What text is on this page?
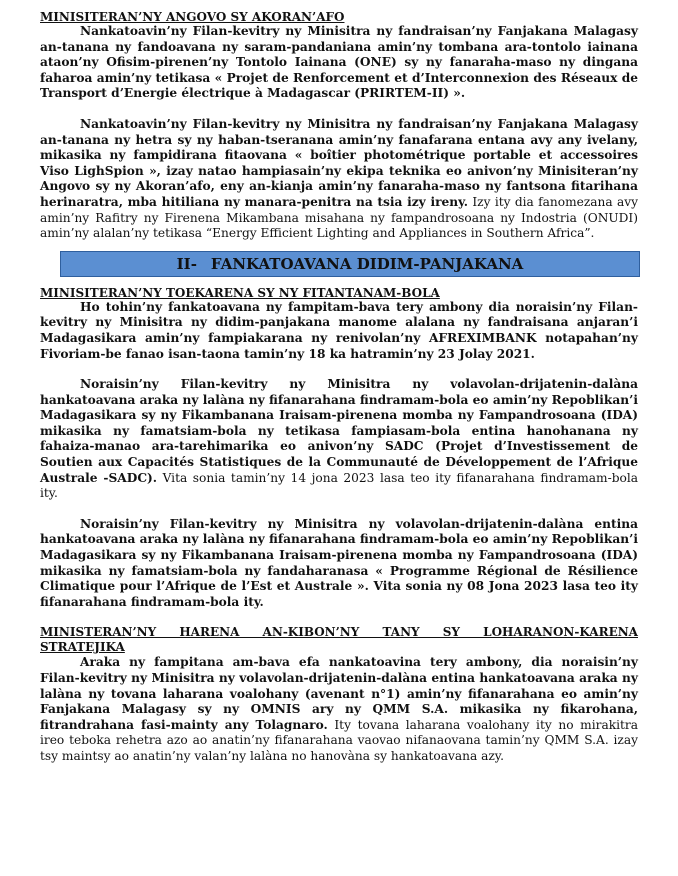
MINISITERAN’NY ANGOVO SY AKORAN’AFO

Nankatoavin’ny Filan-kevitry ny Minisitra ny fandraisan’ny Fanjakana Malagasy an-tanana ny fandoavana ny saram-pandaniana amin’ny tombana ara-tontolo iainana ataon’ny Ofisim-pirenen’ny Tontolo Iainana (ONE) sy ny fanaraha-maso ny dingana faharoa amin’ny tetikasa « Projet de Renforcement et d’Interconnexion des Réseaux de Transport d’Energie électrique à Madagascar (PRIRTEM-II) ».

Nankatoavin’ny Filan-kevitry ny Minisitra ny fandraisan’ny Fanjakana Malagasy an-tanana ny hetra sy ny haban-tseranana amin’ny fanafarana entana avy any ivelany, mikasika ny fampidirana fitaovana « boîtier photométrique portable et accessoires Viso LighSpion », izay natao hampiasain’ny ekipa teknika eo anivon’ny Minisiteran’ny Angovo sy ny Akoran’afo, eny an-kianja amin’ny fanaraha-maso ny fantsona fitarihana herinaratra, mba hitiliana ny manara-penitra na tsia izy ireny. Izy ity dia fanomezana avy amin’ny Rafitry ny Firenena Mikambana misahana ny fampandrosoana ny Indostria (ONUDI) amin’ny alalan’ny tetikasa “Energy Efficient Lighting and Appliances in Southern Africa”.

II- FANKATOAVANA DIDIM-PANJAKANA

MINISITERAN’NY TOEKARENA SY NY FITANTANAM-BOLA

Ho tohin’ny fankatoavana ny fampitam-bava tery ambony dia noraisin’ny Filan-kevitry ny Minisitra ny didim-panjakana manome alalana ny fandraisana anjaran’i Madagasikara amin’ny fampiakarana ny renivolan’ny AFREXIMBANK notapahan’ny Fivoriam-be fanao isan-taona tamin’ny 18 ka hatramin’ny 23 Jolay 2021.

Noraisin’ny Filan-kevitry ny Minisitra ny volavolan-drijatenin-dalàna hankatoavana araka ny lalàna ny fifanarahana findramam-bola eo amin’ny Repoblikan’i Madagasikara sy ny Fikambanana Iraisam-pirenena momba ny Fampandrosoana (IDA) mikasika ny famatsiam-bola ny tetikasa fampiasam-bola entina hanohanana ny fahaiza-manao ara-tarehimarika eo anivon’ny SADC (Projet d’Investissement de Soutien aux Capacités Statistiques de la Communauté de Développement de l’Afrique Australe -SADC). Vita sonia tamin’ny 14 jona 2023 lasa teo ity fifanarahana findramam-bola ity.

Noraisin’ny Filan-kevitry ny Minisitra ny volavolan-drijatenin-dalàna entina hankatoavana araka ny lalàna ny fifanarahana findramam-bola eo amin’ny Repoblikan’i Madagasikara sy ny Fikambanana Iraisam-pirenena momba ny Fampandrosoana (IDA) mikasika ny famatsiam-bola ny fandaharanasa « Programme Régional de Résilience Climatique pour l’Afrique de l’Est et Australe ». Vita sonia ny 08 Jona 2023 lasa teo ity fifanarahana findramam-bola ity.

MINISTERAN’NY HARENA AN-KIBON’NY TANY SY LOHARANON-KARENA

STRATEJIKA

Araka ny fampitana am-bava efa nankatoavina tery ambony, dia noraisin’ny Filan-kevitry ny Minisitra ny volavolan-drijatenin-dalàna entina hankatoavana araka ny lalàna ny tovana laharana voalohany (avenant n°1) amin’ny fifanarahana eo amin’ny Fanjakana Malagasy sy ny OMNIS ary ny QMM S.A. mikasika ny fikarohana, fitrandrahana fasi-mainty any Tolagnaro. Ity tovana laharana voalohany ity no mirakitra ireo teboka rehetra azo ao anatin’ny fifanarahana vaovao nifanaovana tamin’ny QMM S.A. izay tsy maintsy ao anatin’ny valan’ny lalàna no hanovàna sy hankatoavana azy.
